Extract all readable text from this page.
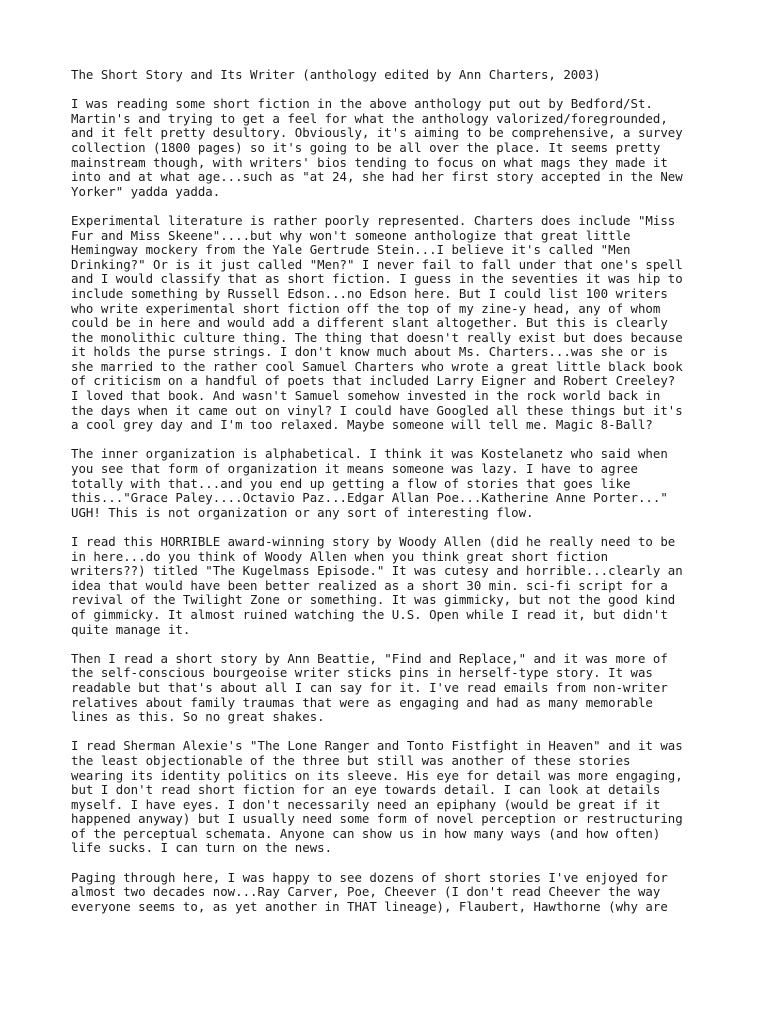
The Short Story and Its Writer (anthology edited by Ann Charters, 2003)

I was reading some short fiction in the above anthology put out by Bedford/St.
Martin's and trying to get a feel for what the anthology valorized/foregrounded,
and it felt pretty desultory. Obviously, it's aiming to be comprehensive, a survey
collection (1800 pages) so it's going to be all over the place. It seems pretty
mainstream though, with writers' bios tending to focus on what mags they made it
into and at what age...such as "at 24, she had her first story accepted in the New
Yorker" yadda yadda.

Experimental literature is rather poorly represented. Charters does include "Miss
Fur and Miss Skeene"....but why won't someone anthologize that great little
Hemingway mockery from the Yale Gertrude Stein...I believe it's called "Men
Drinking?" Or is it just called "Men?" I never fail to fall under that one's spell
and I would classify that as short fiction. I guess in the seventies it was hip to
include something by Russell Edson...no Edson here. But I could list 100 writers
who write experimental short fiction off the top of my zine-y head, any of whom
could be in here and would add a different slant altogether. But this is clearly
the monolithic culture thing. The thing that doesn't really exist but does because
it holds the purse strings. I don't know much about Ms. Charters...was she or is
she married to the rather cool Samuel Charters who wrote a great little black book
of criticism on a handful of poets that included Larry Eigner and Robert Creeley?
I loved that book. And wasn't Samuel somehow invested in the rock world back in
the days when it came out on vinyl? I could have Googled all these things but it's
a cool grey day and I'm too relaxed. Maybe someone will tell me. Magic 8-Ball?

The inner organization is alphabetical. I think it was Kostelanetz who said when
you see that form of organization it means someone was lazy. I have to agree
totally with that...and you end up getting a flow of stories that goes like
this..."Grace Paley....Octavio Paz...Edgar Allan Poe...Katherine Anne Porter..."
UGH! This is not organization or any sort of interesting flow.

I read this HORRIBLE award-winning story by Woody Allen (did he really need to be
in here...do you think of Woody Allen when you think great short fiction
writers??) titled "The Kugelmass Episode." It was cutesy and horrible...clearly an
idea that would have been better realized as a short 30 min. sci-fi script for a
revival of the Twilight Zone or something. It was gimmicky, but not the good kind
of gimmicky. It almost ruined watching the U.S. Open while I read it, but didn't
quite manage it.

Then I read a short story by Ann Beattie, "Find and Replace," and it was more of
the self-conscious bourgeoise writer sticks pins in herself-type story. It was
readable but that's about all I can say for it. I've read emails from non-writer
relatives about family traumas that were as engaging and had as many memorable
lines as this. So no great shakes.

I read Sherman Alexie's "The Lone Ranger and Tonto Fistfight in Heaven" and it was
the least objectionable of the three but still was another of these stories
wearing its identity politics on its sleeve. His eye for detail was more engaging,
but I don't read short fiction for an eye towards detail. I can look at details
myself. I have eyes. I don't necessarily need an epiphany (would be great if it
happened anyway) but I usually need some form of novel perception or restructuring
of the perceptual schemata. Anyone can show us in how many ways (and how often)
life sucks. I can turn on the news.

Paging through here, I was happy to see dozens of short stories I've enjoyed for
almost two decades now...Ray Carver, Poe, Cheever (I don't read Cheever the way
everyone seems to, as yet another in THAT lineage), Flaubert, Hawthorne (why are
